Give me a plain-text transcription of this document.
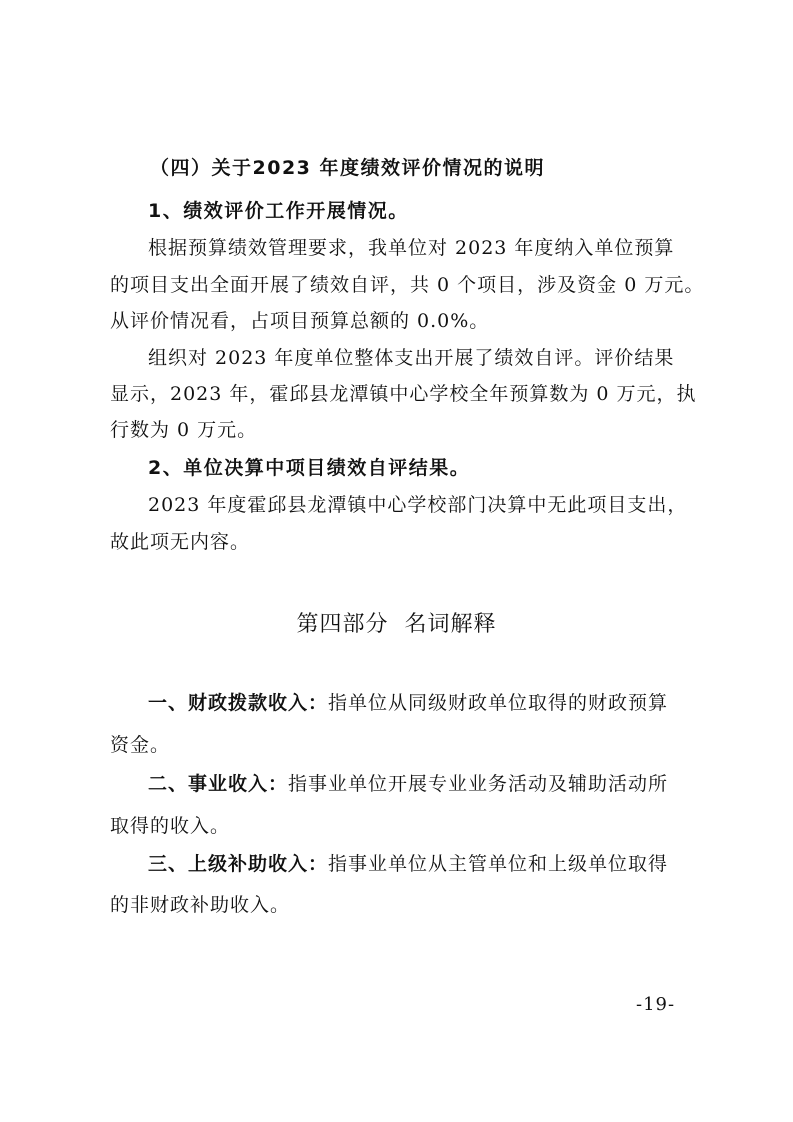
（四）关于2023 年度绩效评价情况的说明
1、绩效评价工作开展情况。
根据预算绩效管理要求，我单位对 2023 年度纳入单位预算
的项目支出全面开展了绩效自评，共 0 个项目，涉及资金 0 万元。
从评价情况看，占项目预算总额的 0.0%。
组织对 2023 年度单位整体支出开展了绩效自评。评价结果
显示，2023 年，霍邱县龙潭镇中心学校全年预算数为 0 万元，执
行数为 0 万元。
2、单位决算中项目绩效自评结果。
2023 年度霍邱县龙潭镇中心学校部门决算中无此项目支出，
故此项无内容。
第四部分  名词解释
一、财政拨款收入：指单位从同级财政单位取得的财政预算
资金。
二、事业收入：指事业单位开展专业业务活动及辅助活动所
取得的收入。
三、上级补助收入：指事业单位从主管单位和上级单位取得
的非财政补助收入。
-19-
